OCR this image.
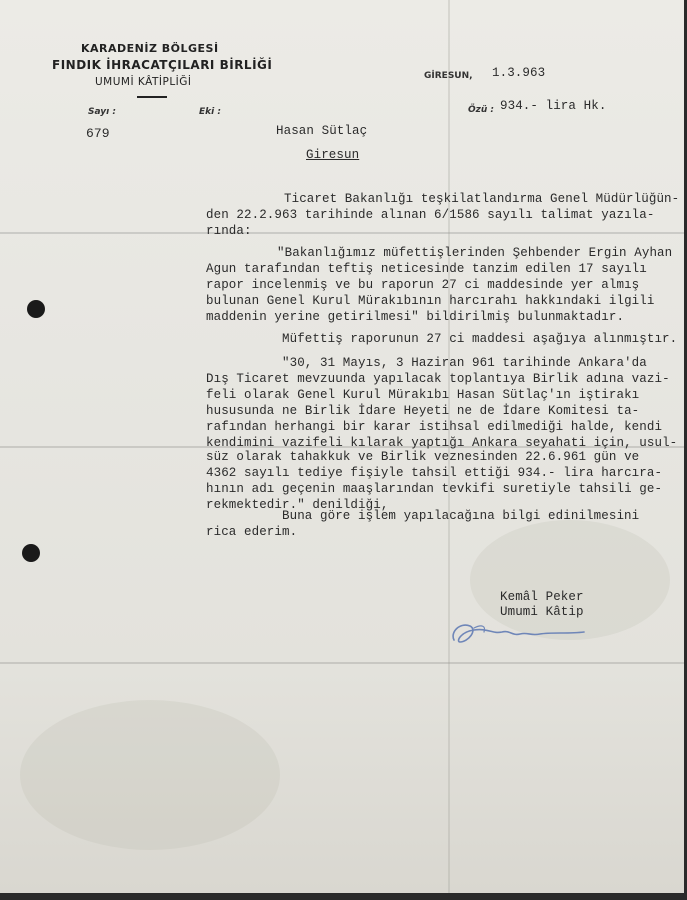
KARADENİZ BÖLGESİ
FINDIK İHRACATÇILARI BİRLİĞİ
UMUMİ KÂTİPLİĞİ
Sayı :	Eki :
679
GİRESUN, 1.3.963
Özü : 934.- lira Hk.
Hasan Sütlaç
Giresun
Ticaret Bakanlığı teşkilatlandırma Genel Müdürlüğün-
den 22.2.963 tarihinde alınan 6/1586 sayılı talimat yazıla-
rında:
"Bakanlığımız müfettişlerinden Şehbender Ergin Ayhan
Agun tarafından teftiş neticesinde tanzim edilen 17 sayılı
rapor incelenmiş ve bu raporun 27 ci maddesinde yer almış
bulunan Genel Kurul Mürakıbının harcırahı hakkındaki ilgili
maddenin yerine getirilmesi" bildirilmiş bulunmaktadır.
Müfettiş raporunun 27 ci maddesi aşağıya alınmıştır.
"30, 31 Mayıs, 3 Haziran 961 tarihinde Ankara'da
Dış Ticaret mevzuunda yapılacak toplantıya Birlik adına vazi-
feli olarak Genel Kurul Mürakıbı Hasan Sütlaç'ın iştirakı
hususunda ne Birlik İdare Heyeti ne de İdare Komitesi ta-
rafından herhangi bir karar istihsal edilmediği halde, kendi
kendimini vazifeli kılarak yaptığı Ankara seyahati için, usul-
süz olarak tahakkuk ve Birlik veznesinden 22.6.961 gün ve
4362 sayılı tediye fişiyle tahsil ettiği 934.- lira harcıra-
hının adı geçenin maaşlarından tevkifi suretiyle tahsili ge-
rekmektedir." denildiği,
Buna göre işlem yapılacağına bilgi edinilmesini
rica ederim.
Kemâl Peker
Umumi Kâtip
